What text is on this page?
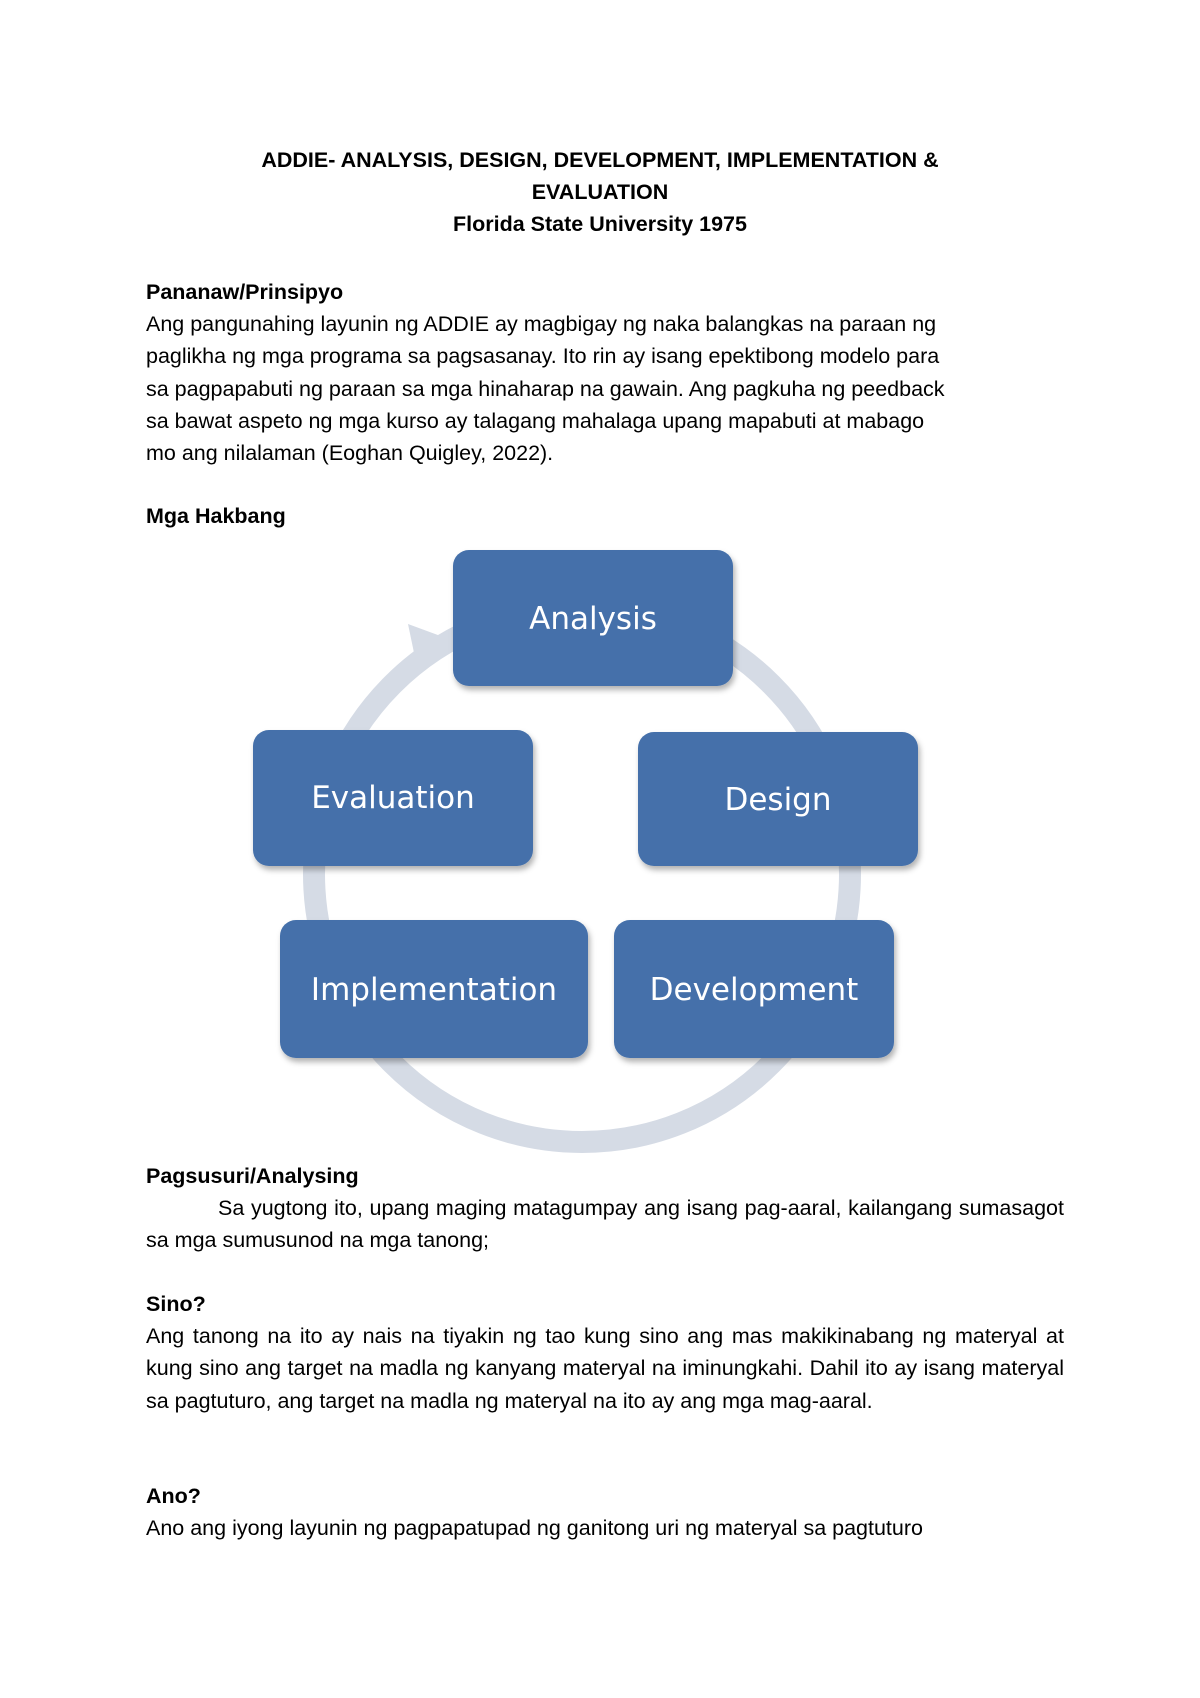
ADDIE- ANALYSIS, DESIGN, DEVELOPMENT, IMPLEMENTATION &
EVALUATION
Florida State University 1975
Pananaw/Prinsipyo
Ang pangunahing layunin ng ADDIE ay magbigay ng naka balangkas na paraan ng
paglikha ng mga programa sa pagsasanay. Ito rin ay isang epektibong modelo para
sa pagpapabuti ng paraan sa mga hinaharap na gawain. Ang pagkuha ng peedback
sa bawat aspeto ng mga kurso ay talagang mahalaga upang mapabuti at mabago
mo ang nilalaman (Eoghan Quigley, 2022).
Mga Hakbang
Analysis
Design
Development
Implementation
Evaluation
Pagsusuri/Analysing
Sa yugtong ito, upang maging matagumpay ang isang pag-aaral, kailangang sumasagot sa mga sumusunod na mga tanong;
Sino?
Ang tanong na ito ay nais na tiyakin ng tao kung sino ang mas makikinabang ng materyal at kung sino ang target na madla ng kanyang materyal na iminungkahi. Dahil ito ay isang materyal sa pagtuturo, ang target na madla ng materyal na ito ay ang mga mag-aaral.
Ano?
Ano ang iyong layunin ng pagpapatupad ng ganitong uri ng materyal sa pagtuturo
